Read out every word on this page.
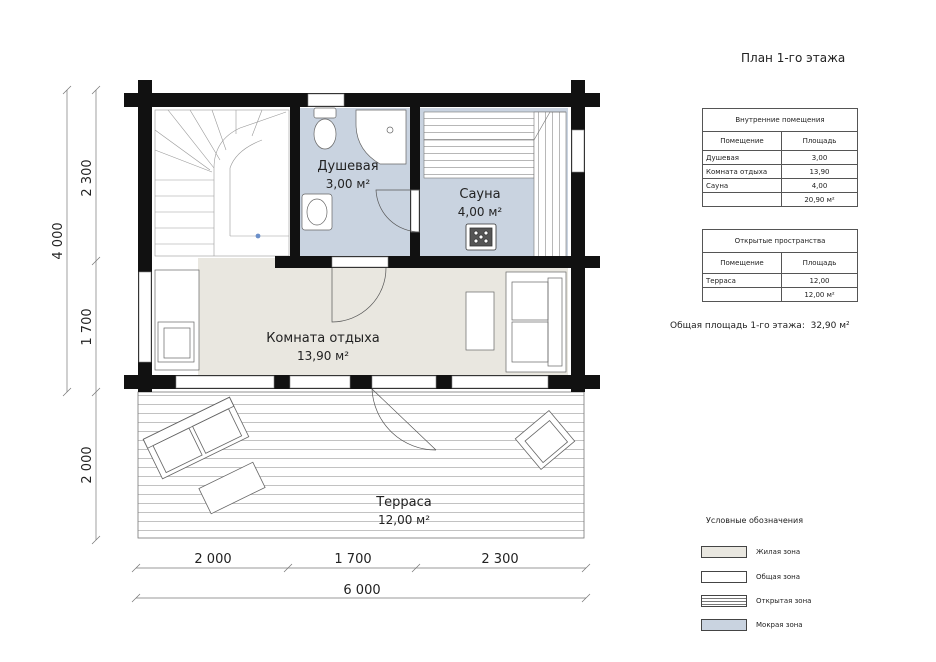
Душевая
3,00 м²
Сауна
4,00 м²
Комната отдыха
13,90 м²
Терраса
12,00 м²
4 000
2 300
1 700
2 000
2 000	1 700	2 300
6 000
План 1-го этажа
Внутренние помещения	
Помещение	Площадь
Душевая	3,00
Комната отдыха	13,90
Сауна	4,00
	20,90 м²
Открытые пространства	
Помещение	Площадь
Терраса	12,00
	12,00 м²
Общая площадь 1-го этажа: 32,90 м²
Условные обозначения
Жилая зона
Общая зона
Открытая зона
Мокрая зона
